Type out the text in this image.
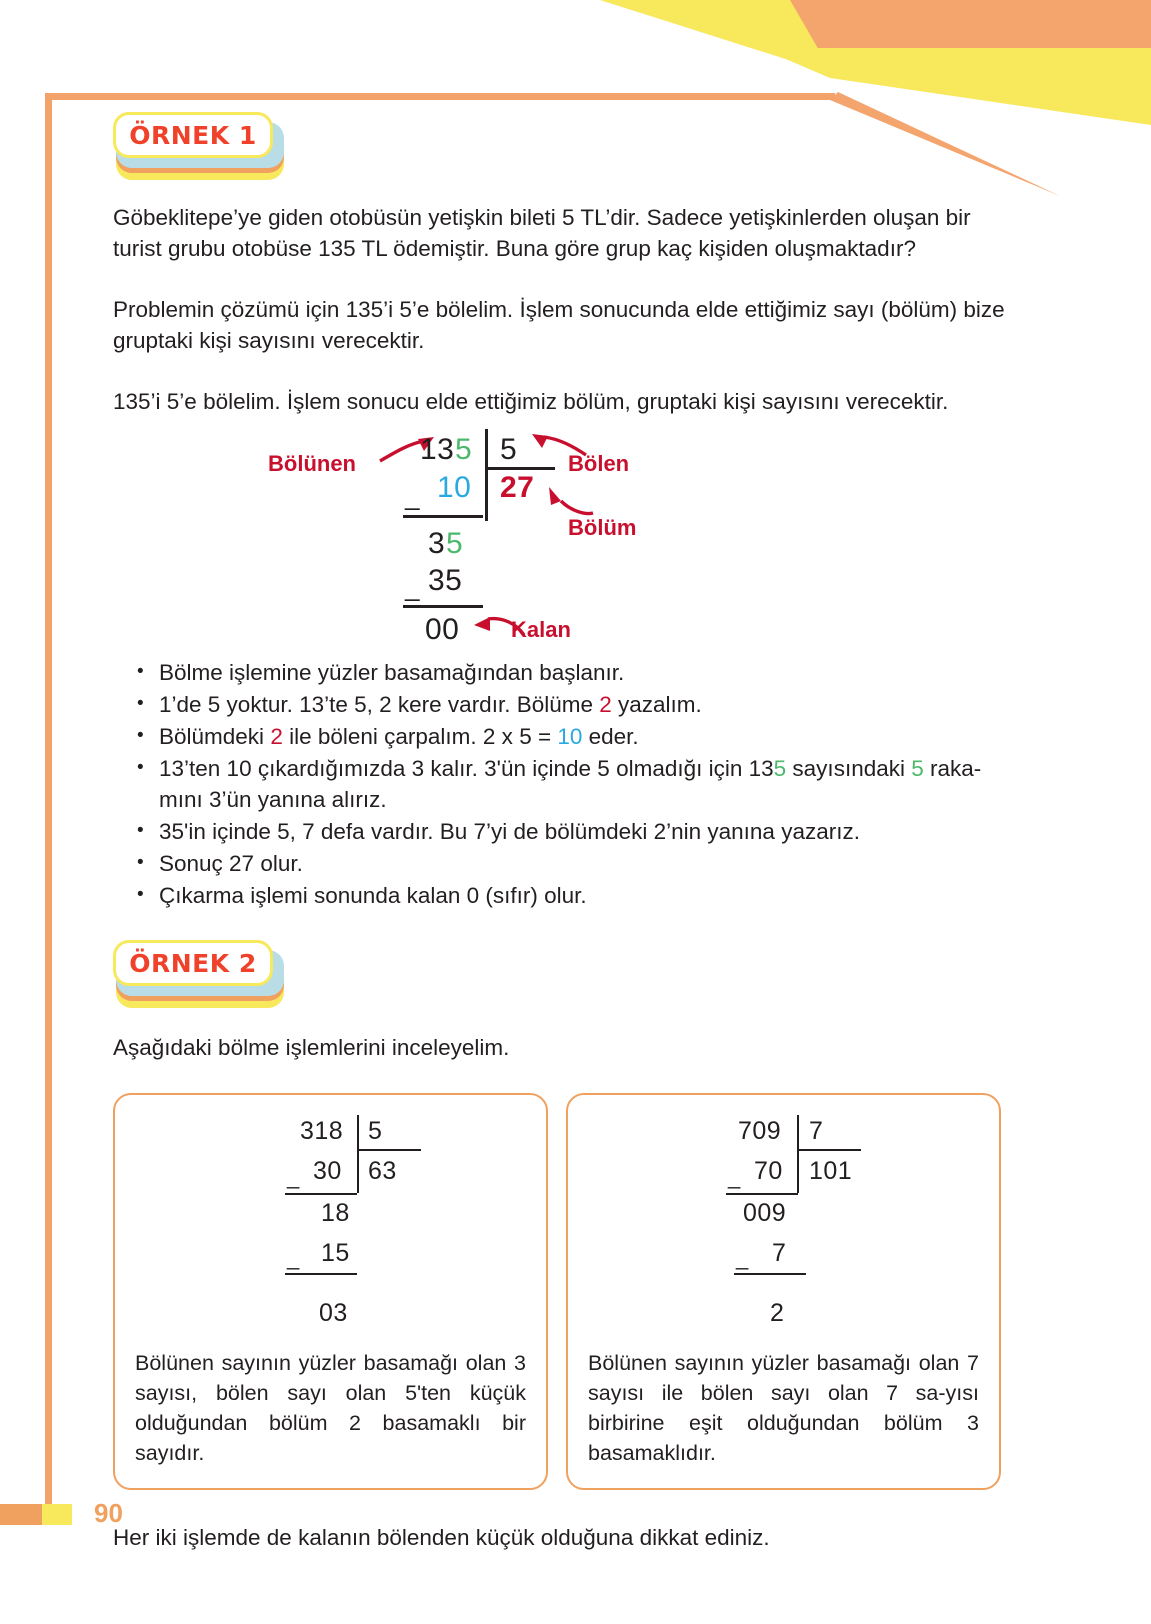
ÖRNEK 1

Göbeklitepe’ye giden otobüsün yetişkin bileti 5 TL’dir. Sadece yetişkinlerden oluşan bir turist grubu otobüse 135 TL ödemiştir. Buna göre grup kaç kişiden oluşmaktadır?

Problemin çözümü için 135’i 5’e bölelim. İşlem sonucunda elde ettiğimiz sayı (bölüm) bize gruptaki kişi sayısını verecektir.

135’i 5’e bölelim. İşlem sonucu elde ettiğimiz bölüm, gruptaki kişi sayısını verecektir.

Bölünen 13 5 5 Bölen
10
_	27
Bölüm
3 5
35
_
00 Kalan
• Bölme işlemine yüzler basamağından başlanır.
• 1’de 5 yoktur. 13’te 5, 2 kere vardır. Bölüme 2 yazalım.
• Bölümdeki 2 ile böleni çarpalım. 2 x 5 = 10 eder.
• 13’ten 10 çıkardığımızda 3 kalır. 3'ün içinde 5 olmadığı için 135 sayısındaki 5 raka-mını 3’ün yanına alırız.
• 35'in içinde 5, 7 defa vardır. Bu 7’yi de bölümdeki 2’nin yanına yazarız.
• Sonuç 27 olur.
• Çıkarma işlemi sonunda kalan 0 (sıfır) olur.
ÖRNEK 2

Aşağıdaki bölme işlemlerini inceleyelim.

318 5
63
30
_
18
15
_
03

Bölünen sayının yüzler basamağı olan 3 sayısı, bölen sayı olan 5'ten küçük olduğundan bölüm 2 basamaklı bir sayıdır.

709 7
101
70
_
009
7
_
2

Bölünen sayının yüzler basamağı olan 7 sayısı ile bölen sayı olan 7 sa-yısı birbirine eşit olduğundan bölüm 3 basamaklıdır.

Her iki işlemde de kalanın bölenden küçük olduğuna dikkat ediniz.

90
